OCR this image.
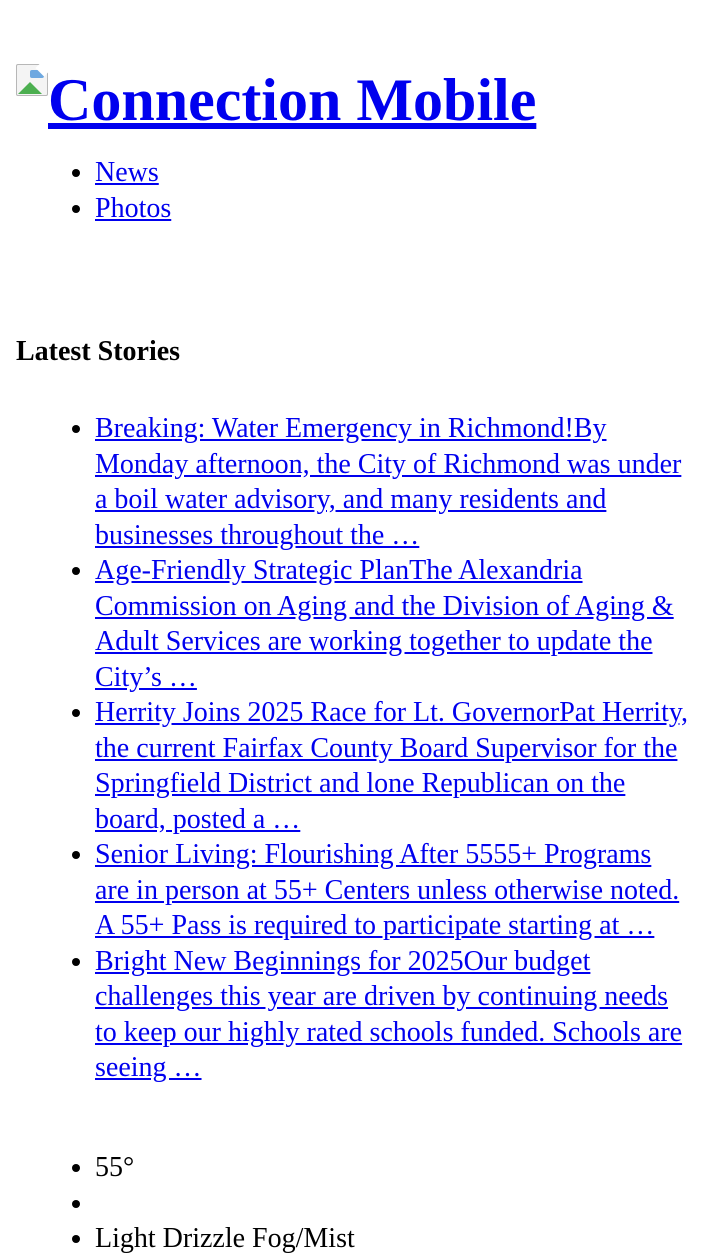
Connection Mobile
• News
• Photos
Latest Stories
• Breaking: Water Emergency in Richmond!By Monday afternoon, the City of Richmond was under a boil water advisory, and many residents and businesses throughout the …
• Age-Friendly Strategic PlanThe Alexandria Commission on Aging and the Division of Aging & Adult Services are working together to update the City’s …
• Herrity Joins 2025 Race for Lt. GovernorPat Herrity, the current Fairfax County Board Supervisor for the Springfield District and lone Republican on the board, posted a …
• Senior Living: Flourishing After 5555+ Programs are in person at 55+ Centers unless otherwise noted. A 55+ Pass is required to participate starting at …
• Bright New Beginnings for 2025Our budget challenges this year are driven by continuing needs to keep our highly rated schools funded. Schools are seeing …
• 55°
•
• Light Drizzle Fog/Mist
